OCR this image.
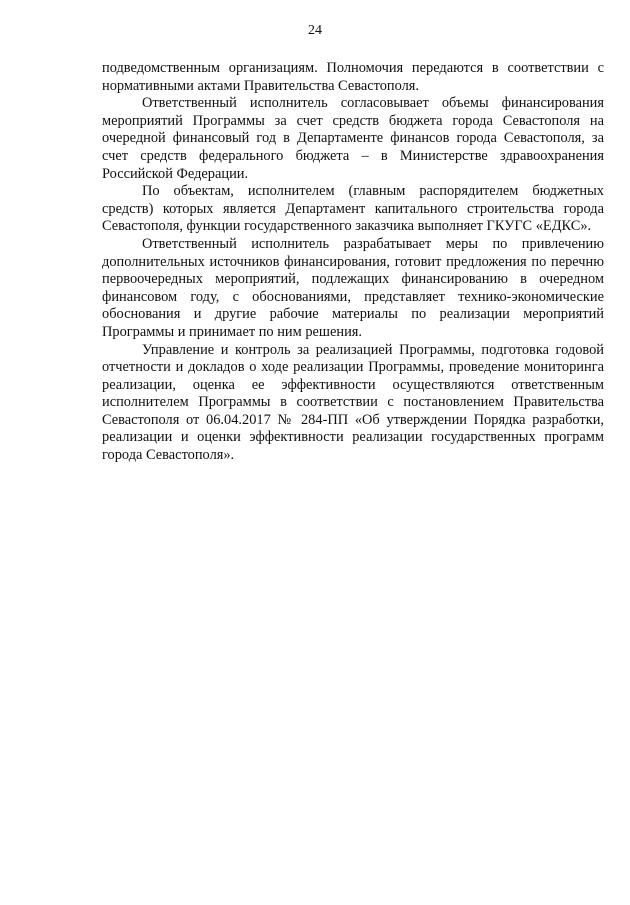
24

подведомственным организациям. Полномочия передаются в соответствии с нормативными актами Правительства Севастополя.

Ответственный исполнитель согласовывает объемы финансирования мероприятий Программы за счет средств бюджета города Севастополя на очередной финансовый год в Департаменте финансов города Севастополя, за счет средств федерального бюджета – в Министерстве здравоохранения Российской Федерации.

По объектам, исполнителем (главным распорядителем бюджетных средств) которых является Департамент капитального строительства города Севастополя, функции государственного заказчика выполняет ГКУГС «ЕДКС».

Ответственный исполнитель разрабатывает меры по привлечению дополнительных источников финансирования, готовит предложения по перечню первоочередных мероприятий, подлежащих финансированию в очередном финансовом году, с обоснованиями, представляет технико-экономические обоснования и другие рабочие материалы по реализации мероприятий Программы и принимает по ним решения.

Управление и контроль за реализацией Программы, подготовка годовой отчетности и докладов о ходе реализации Программы, проведение мониторинга реализации, оценка ее эффективности осуществляются ответственным исполнителем Программы в соответствии с постановлением Правительства Севастополя от 06.04.2017 № 284-ПП «Об утверждении Порядка разработки, реализации и оценки эффективности реализации государственных программ города Севастополя».
